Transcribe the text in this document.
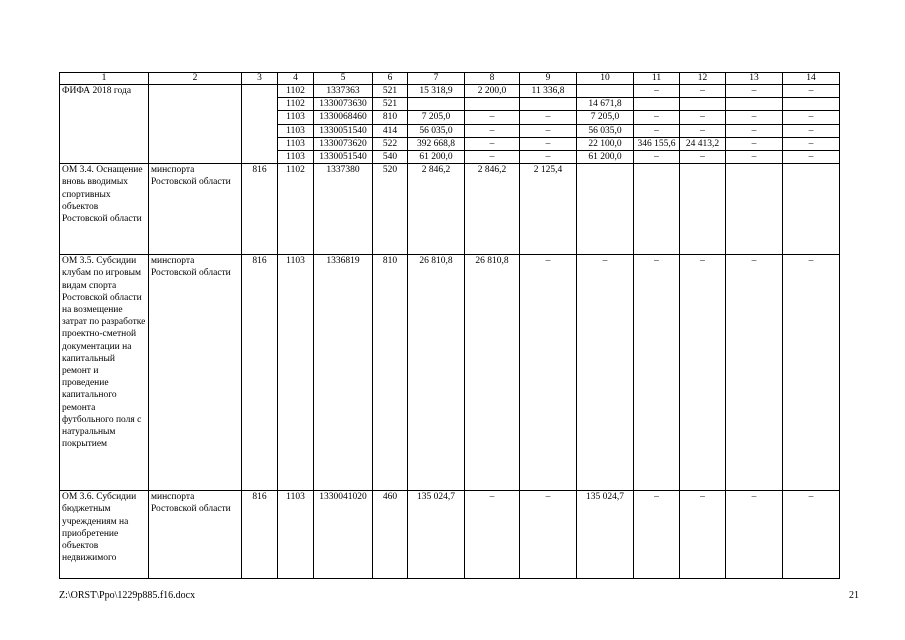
1	2	3	4	5	6	7	8	9	10	11	12	13	14
ФИФА 2018 года			1102	1337363	521	15 318,9	2 200,0	11 336,8		–	–	–	–
			1102	1330073630	521				14 671,8				
			1103	1330068460	810	7 205,0	–	–	7 205,0	–	–	–	–
			1103	1330051540	414	56 035,0	–	–	56 035,0	–	–	–	–
			1103	1330073620	522	392 668,8	–	–	22 100,0	346 155,6	24 413,2	–	–
			1103	1330051540	540	61 200,0	–	–	61 200,0	–	–	–	–
ОМ 3.4. Оснащение вновь вводимых спортивных объектов Ростовской области	минспорта Ростовской области	816	1102	1337380	520	2 846,2	2 846,2	2 125,4					
ОМ 3.5. Субсидии клубам по игровым видам спорта Ростовской области на возмещение затрат по разработке проектно-сметной документации на капитальный ремонт и проведение капитального ремонта футбольного поля с натуральным покрытием	минспорта Ростовской области	816	1103	1336819	810	26 810,8	26 810,8	–	–	–	–	–	–
ОМ 3.6. Субсидии бюджетным учреждениям на приобретение объектов недвижимого	минспорта Ростовской области	816	1103	1330041020	460	135 024,7	–	–	135 024,7	–	–	–	–
Z:\ORST\Ppo\1229p885.f16.docx	21
